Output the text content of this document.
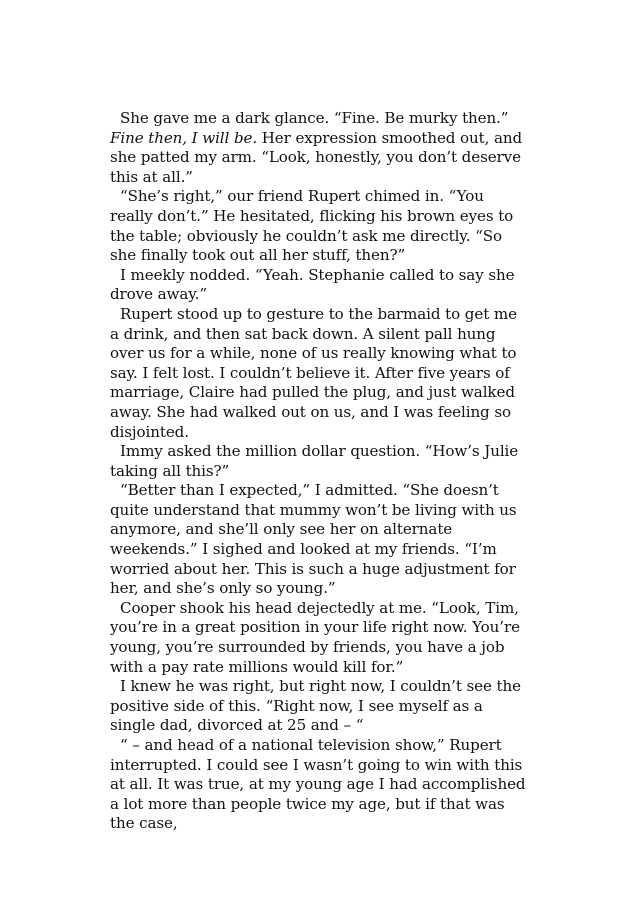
She gave me a dark glance. “Fine. Be murky then.” Fine then, I will be. Her expression smoothed out, and she patted my arm. “Look, honestly, you don’t deserve this at all.”

“She’s right,” our friend Rupert chimed in. “You really don’t.” He hesitated, flicking his brown eyes to the table; obviously he couldn’t ask me directly. “So she finally took out all her stuff, then?”

I meekly nodded. “Yeah. Stephanie called to say she drove away.”

Rupert stood up to gesture to the barmaid to get me a drink, and then sat back down. A silent pall hung over us for a while, none of us really knowing what to say. I felt lost. I couldn’t believe it. After five years of marriage, Claire had pulled the plug, and just walked away. She had walked out on us, and I was feeling so disjointed.

Immy asked the million dollar question. “How’s Julie taking all this?”

“Better than I expected,” I admitted. “She doesn’t quite understand that mummy won’t be living with us anymore, and she’ll only see her on alternate weekends.” I sighed and looked at my friends. “I’m worried about her. This is such a huge adjustment for her, and she’s only so young.”

Cooper shook his head dejectedly at me. “Look, Tim, you’re in a great position in your life right now. You’re young, you’re surrounded by friends, you have a job with a pay rate millions would kill for.”

I knew he was right, but right now, I couldn’t see the positive side of this. “Right now, I see myself as a single dad, divorced at 25 and – “

“ – and head of a national television show,” Rupert interrupted. I could see I wasn’t going to win with this at all. It was true, at my young age I had accomplished a lot more than people twice my age, but if that was the case,
